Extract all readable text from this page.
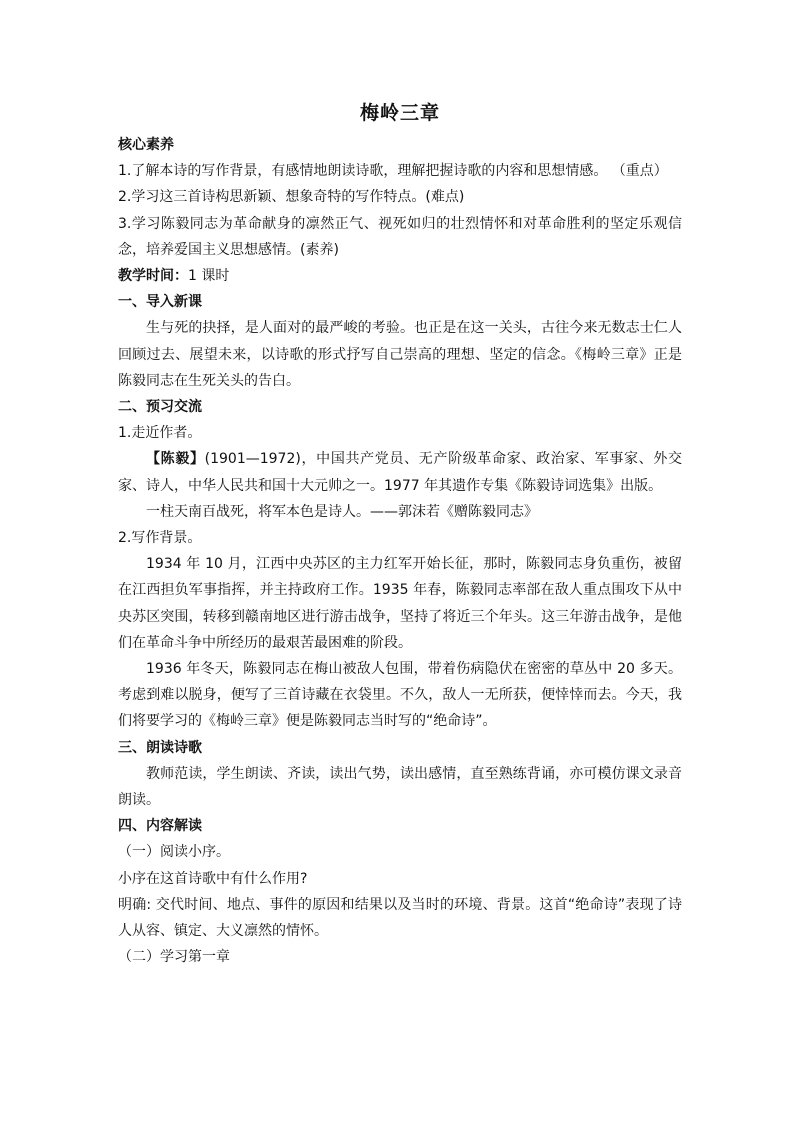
梅岭三章
核心素养
1.了解本诗的写作背景，有感情地朗读诗歌，理解把握诗歌的内容和思想情感。 （重点）
2.学习这三首诗构思新颖、想象奇特的写作特点。(难点)
3.学习陈毅同志为革命献身的凛然正气、视死如归的壮烈情怀和对革命胜利的坚定乐观信念，培养爱国主义思想感情。(素养)
教学时间：1 课时
一、导入新课
生与死的抉择，是人面对的最严峻的考验。也正是在这一关头，古往今来无数志士仁人回顾过去、展望未来，以诗歌的形式抒写自己崇高的理想、坚定的信念。《梅岭三章》正是陈毅同志在生死关头的告白。
二、预习交流
1.走近作者。
【陈毅】(1901—1972)，中国共产党员、无产阶级革命家、政治家、军事家、外交家、诗人，中华人民共和国十大元帅之一。1977 年其遗作专集《陈毅诗词选集》出版。
一柱天南百战死，将军本色是诗人。——郭沫若《赠陈毅同志》
2.写作背景。
1934 年 10 月，江西中央苏区的主力红军开始长征，那时，陈毅同志身负重伤，被留在江西担负军事指挥，并主持政府工作。1935 年春，陈毅同志率部在敌人重点围攻下从中央苏区突围，转移到赣南地区进行游击战争，坚持了将近三个年头。这三年游击战争，是他们在革命斗争中所经历的最艰苦最困难的阶段。
1936 年冬天，陈毅同志在梅山被敌人包围，带着伤病隐伏在密密的草丛中 20 多天。考虑到难以脱身，便写了三首诗藏在衣袋里。不久，敌人一无所获，便悻悻而去。今天，我们将要学习的《梅岭三章》便是陈毅同志当时写的“绝命诗”。
三、朗读诗歌
教师范读，学生朗读、齐读，读出气势，读出感情，直至熟练背诵，亦可模仿课文录音朗读。
四、内容解读
（一）阅读小序。
小序在这首诗歌中有什么作用?
明确: 交代时间、地点、事件的原因和结果以及当时的环境、背景。这首“绝命诗”表现了诗人从容、镇定、大义凛然的情怀。
（二）学习第一章
